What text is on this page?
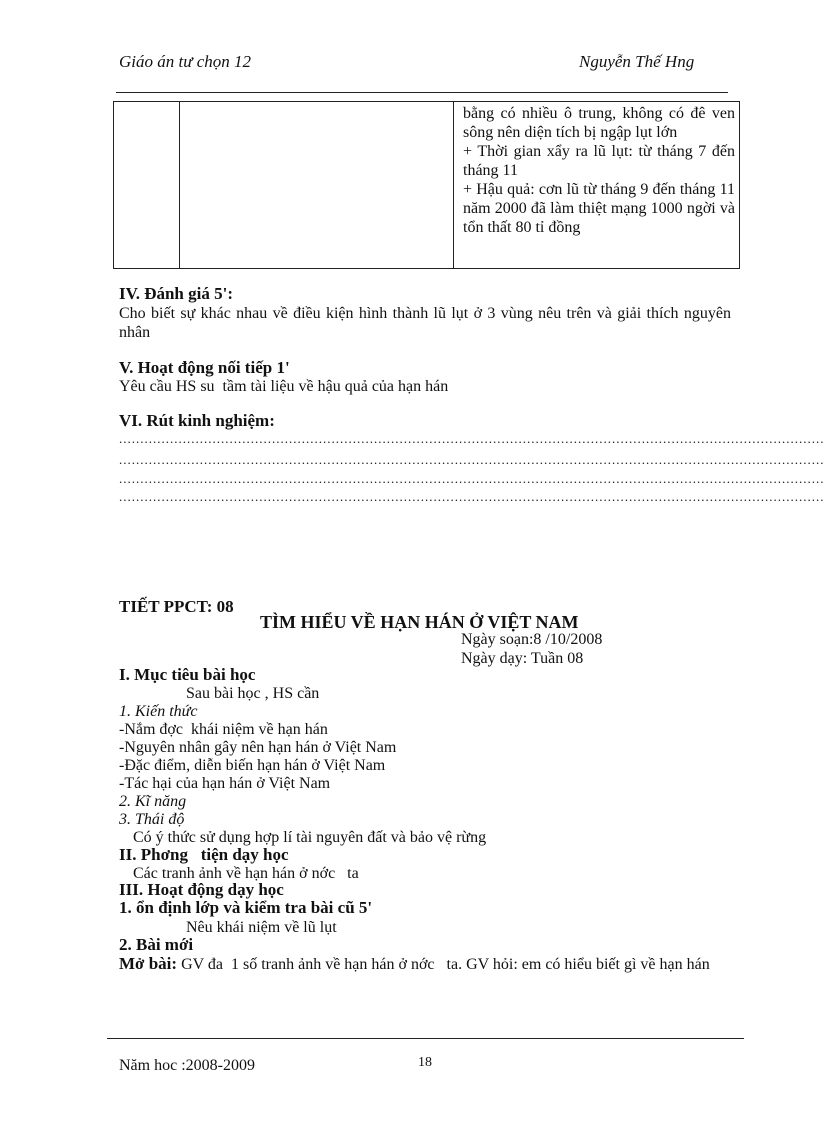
Giáo án tư chọn 12	Nguyễn Thế Hng

bằng có nhiều ô trung, không có đê ven sông nên diện tích bị ngập lụt lớn
+ Thời gian xẩy ra lũ lụt: từ tháng 7 đến tháng 11
+ Hậu quả: cơn lũ từ tháng 9 đến tháng 11 năm 2000 đã làm thiệt mạng 1000 ngời và tổn thất 80 tỉ đồng
IV. Đánh giá 5':
Cho biết sự khác nhau về điều kiện hình thành lũ lụt ở 3 vùng nêu trên và giải thích nguyên nhân
V. Hoạt động nối tiếp 1'
Yêu cầu HS su  tầm tài liệu về hậu quả của hạn hán
VI. Rút kinh nghiệm:
......................................................................................................................................................................
......................................................................................................................................................................
......................................................................................................................................................................
......................................................................................................................................................................
TIẾT PPCT: 08
TÌM HIỂU VỀ HẠN HÁN Ở VIỆT NAM
Ngày soạn:8 /10/2008
Ngày dạy: Tuần 08
I. Mục tiêu bài học
Sau bài học , HS cần
1. Kiến thức
-Nắm đợc  khái niệm về hạn hán
-Nguyên nhân gây nên hạn hán ở Việt Nam
-Đặc điểm, diễn biến hạn hán ở Việt Nam
-Tác hại của hạn hán ở Việt Nam
2. Kĩ năng
3. Thái độ
Có ý thức sử dụng hợp lí tài nguyên đất và bảo vệ rừng
II. Phơng   tiện dạy học
Các tranh ảnh về hạn hán ở nớc   ta
III. Hoạt động dạy học
1. ổn định lớp và kiểm tra bài cũ 5'
Nêu khái niệm về lũ lụt
2. Bài mới
Mở bài: GV đa  1 số tranh ảnh về hạn hán ở nớc   ta. GV hỏi: em có hiểu biết gì về hạn hán
Năm hoc :2008-2009	18
